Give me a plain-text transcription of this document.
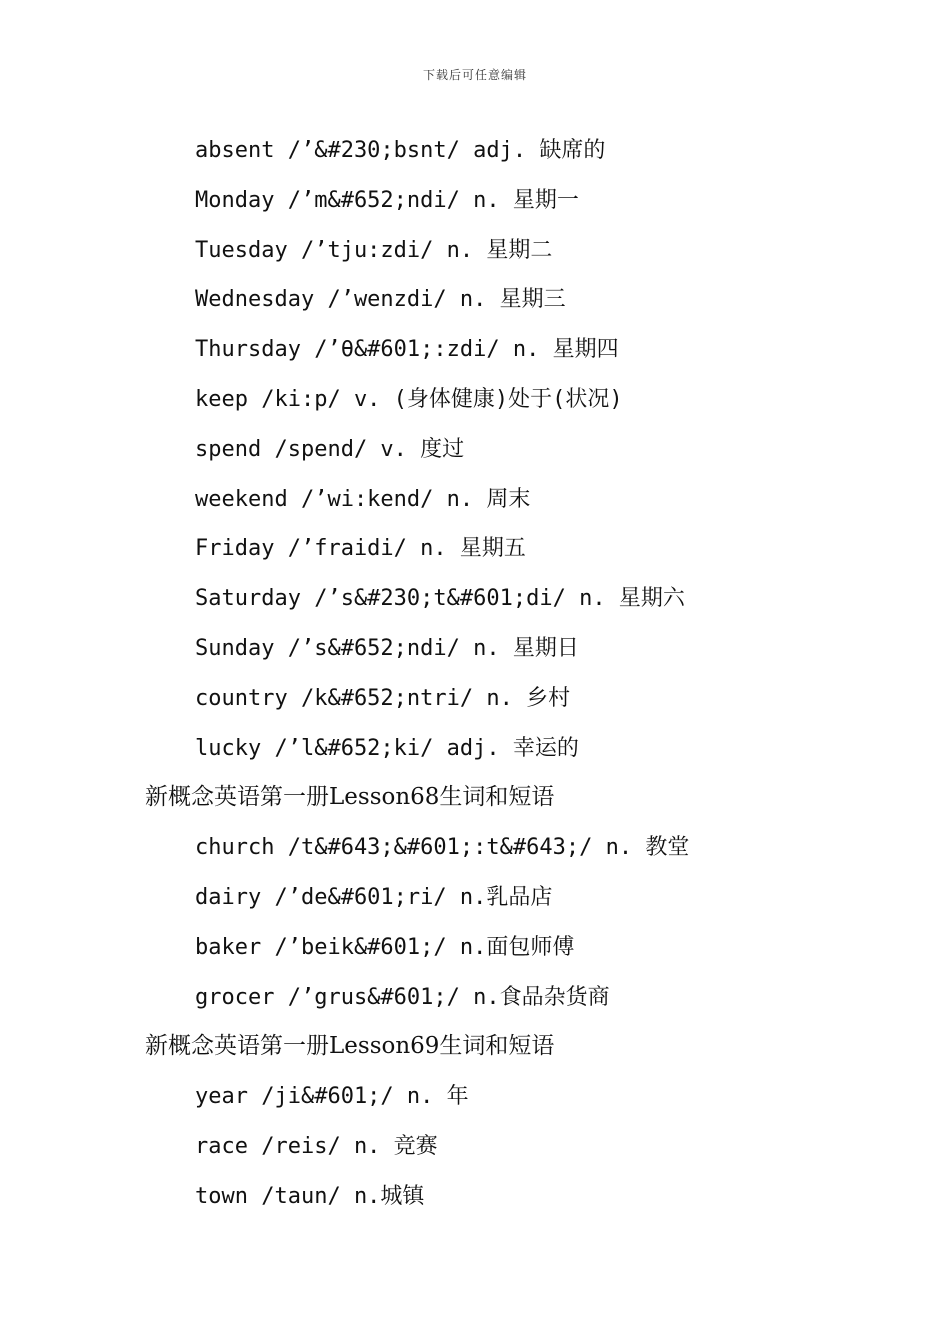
下载后可任意编辑
absent /’&#230;bsnt/ adj. 缺席的
Monday /’m&#652;ndi/ n. 星期一
Tuesday /’tju:zdi/ n. 星期二
Wednesday /’wenzdi/ n. 星期三
Thursday /’θ&#601;:zdi/ n. 星期四
keep /ki:p/ v. (身体健康)处于(状况)
spend /spend/ v. 度过
weekend /’wi:kend/ n. 周末
Friday /’fraidi/ n. 星期五
Saturday /’s&#230;t&#601;di/ n. 星期六
Sunday /’s&#652;ndi/ n. 星期日
country /k&#652;ntri/ n. 乡村
lucky /’l&#652;ki/ adj. 幸运的
新概念英语第一册Lesson68生词和短语
church /t&#643;&#601;:t&#643;/ n. 教堂
dairy /’de&#601;ri/ n.乳品店
baker /’beik&#601;/ n.面包师傅
grocer /’grus&#601;/ n.食品杂货商
新概念英语第一册Lesson69生词和短语
year /ji&#601;/ n. 年
race /reis/ n. 竞赛
town /taun/ n.城镇
